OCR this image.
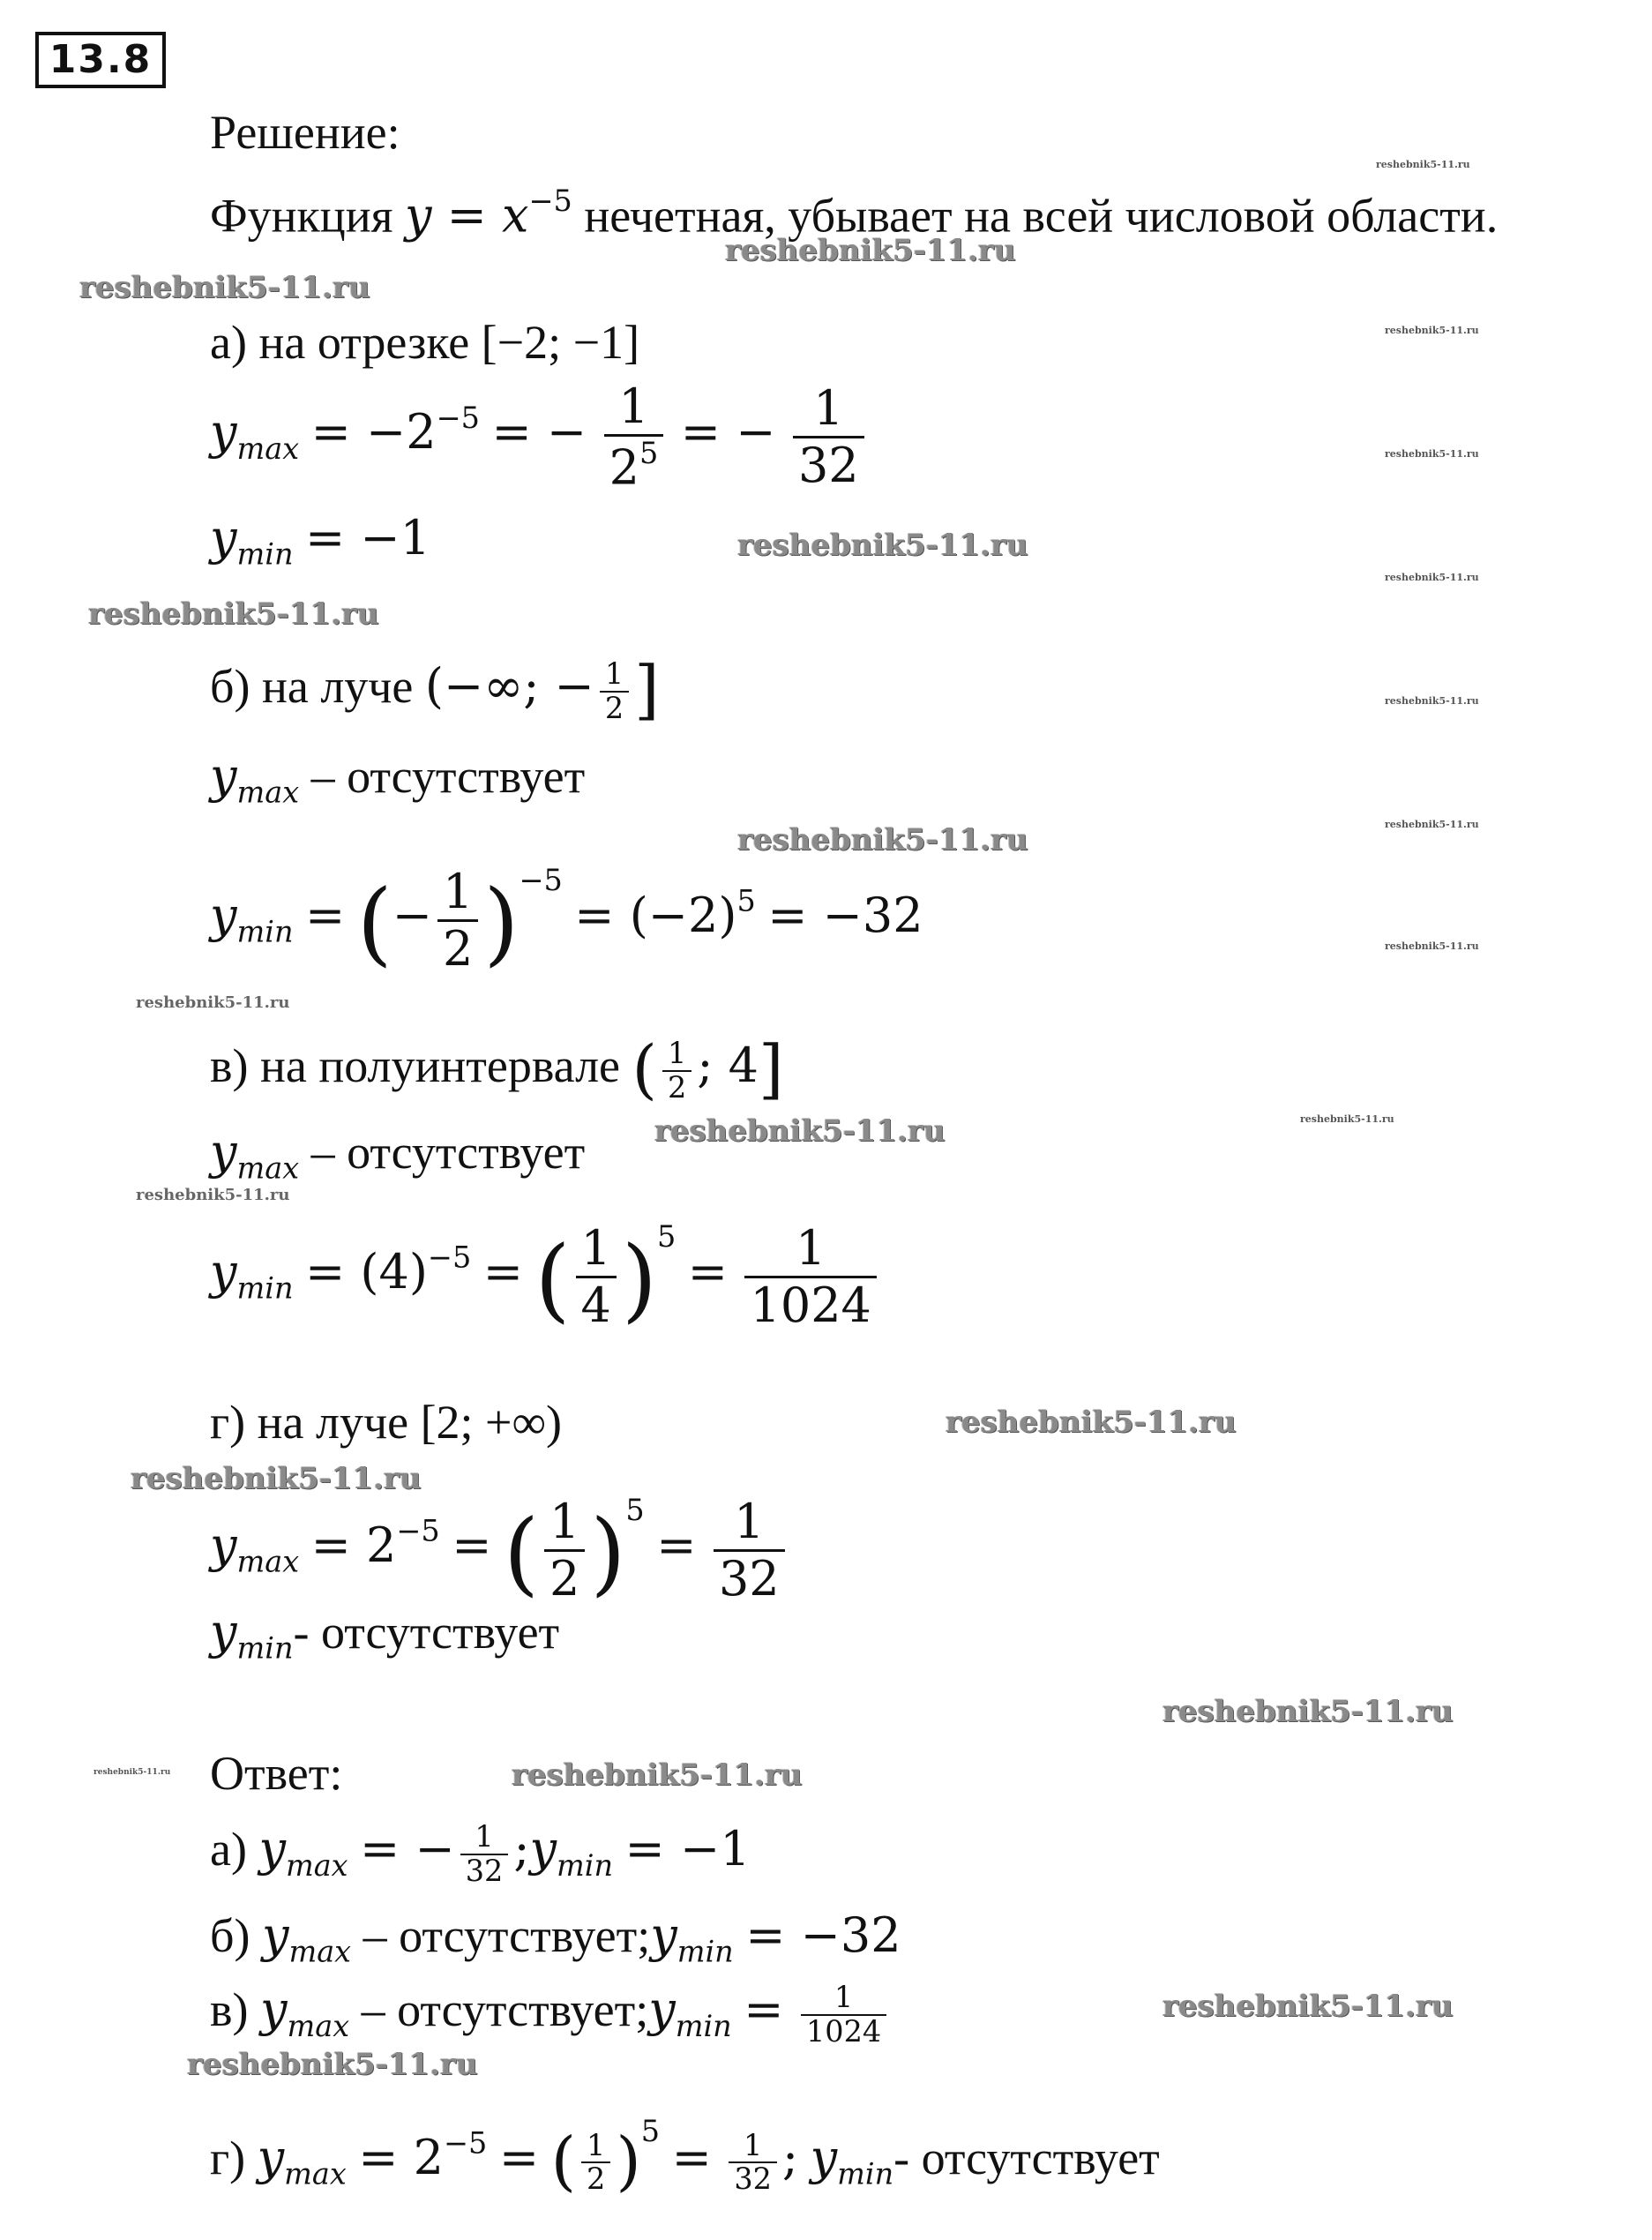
13.8
Решение:
Функция $y = x^{-5}$ нечетная, убывает на всей числовой области.
а) на отрезке [−2; −1]
$y_{max} = -2^{-5}$ = − $\frac{1}{2^5}$ = − $\frac{1}{32}$
$y_{min} = -1$
б) на луче (−∞; − $\frac{1}{2}$ ]
$y_{max}$ – отсутствует
$y_{min}$ = (− $\frac{1}{2} )^{-5} = (-2)^5 = -32$
в) на полуинтервале ( $\frac{1}{2}$ ; 4]
$y_{max}$ – отсутствует
$y_{min} = (4)^{-5}$ = ( $\frac{1}{4} )^5 = \frac{1}{1024}$
г) на луче [2; +∞)
$y_{max} = 2^{-5}$ = ( $\frac{1}{2} )^5 = \frac{1}{32}$
$y_{min}-$ отсутствует
Ответ:
а) $y_{max}$ = − $\frac{1}{32}$ $;y_{min} = -1$
б) $y_{max}$ – $отсутствует;y_{min} = -32$
в) $y_{max}$ – $отсутствует;y_{min} = \frac{1}{1024}$
г) $y_{max} = 2^{-5}$ = ( $\frac{1}{2} )^5 = \frac{1}{32}$ ; $y_{min}-$ отсутствует
reshebnik5-11.ru
reshebnik5-11.ru
reshebnik5-11.ru
reshebnik5-11.ru
reshebnik5-11.ru
reshebnik5-11.ru
reshebnik5-11.ru
reshebnik5-11.ru
reshebnik5-11.ru
reshebnik5-11.ru
reshebnik5-11.ru
reshebnik5-11.ru
reshebnik5-11.ru
reshebnik5-11.ru
reshebnik5-11.ru
reshebnik5-11.ru
reshebnik5-11.ru
reshebnik5-11.ru
reshebnik5-11.ru
reshebnik5-11.ru
reshebnik5-11.ru
reshebnik5-11.ru
reshebnik5-11.ru
